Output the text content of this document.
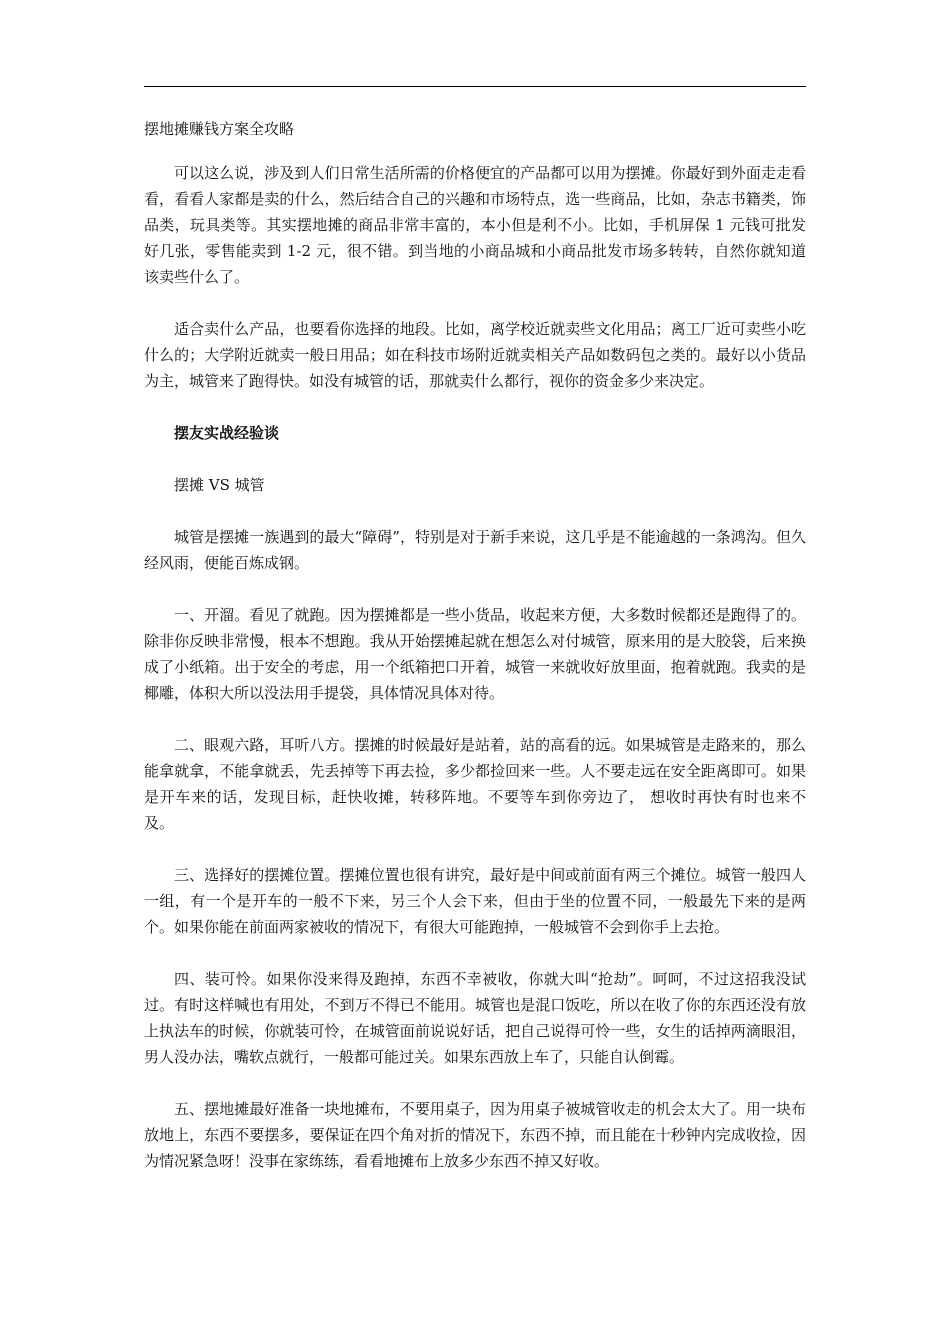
摆地摊赚钱方案全攻略

可以这么说，涉及到人们日常生活所需的价格便宜的产品都可以用为摆摊。你最好到外面走走看看，看看人家都是卖的什么，然后结合自己的兴趣和市场特点，选一些商品，比如，杂志书籍类，饰品类，玩具类等。其实摆地摊的商品非常丰富的，本小但是利不小。比如，手机屏保 1 元钱可批发好几张，零售能卖到 1-2 元，很不错。到当地的小商品城和小商品批发市场多转转，自然你就知道该卖些什么了。

适合卖什么产品，也要看你选择的地段。比如，离学校近就卖些文化用品；离工厂近可卖些小吃什么的；大学附近就卖一般日用品；如在科技市场附近就卖相关产品如数码包之类的。最好以小货品为主，城管来了跑得快。如没有城管的话，那就卖什么都行，视你的资金多少来决定。

摆友实战经验谈
摆摊 VS 城管

城管是摆摊一族遇到的最大“障碍”，特别是对于新手来说，这几乎是不能逾越的一条鸿沟。但久经风雨，便能百炼成钢。

一、开溜。看见了就跑。因为摆摊都是一些小货品，收起来方便，大多数时候都还是跑得了的。除非你反映非常慢，根本不想跑。我从开始摆摊起就在想怎么对付城管，原来用的是大胶袋，后来换成了小纸箱。出于安全的考虑，用一个纸箱把口开着，城管一来就收好放里面，抱着就跑。我卖的是椰雕，体积大所以没法用手提袋，具体情况具体对待。

二、眼观六路，耳听八方。摆摊的时候最好是站着，站的高看的远。如果城管是走路来的，那么能拿就拿，不能拿就丢，先丢掉等下再去捡，多少都捡回来一些。人不要走远在安全距离即可。如果是开车来的话，发现目标，赶快收摊，转移阵地。不要等车到你旁边了， 想收时再快有时也来不及。

三、选择好的摆摊位置。摆摊位置也很有讲究，最好是中间或前面有两三个摊位。城管一般四人一组，有一个是开车的一般不下来，另三个人会下来，但由于坐的位置不同，一般最先下来的是两个。如果你能在前面两家被收的情况下，有很大可能跑掉，一般城管不会到你手上去抢。

四、装可怜。如果你没来得及跑掉，东西不幸被收，你就大叫“抢劫”。呵呵，不过这招我没试过。有时这样喊也有用处，不到万不得已不能用。城管也是混口饭吃，所以在收了你的东西还没有放上执法车的时候，你就装可怜，在城管面前说说好话，把自己说得可怜一些，女生的话掉两滴眼泪，男人没办法，嘴软点就行，一般都可能过关。如果东西放上车了，只能自认倒霉。

五、摆地摊最好准备一块地摊布，不要用桌子，因为用桌子被城管收走的机会太大了。用一块布放地上，东西不要摆多，要保证在四个角对折的情况下，东西不掉，而且能在十秒钟内完成收捡，因为情况紧急呀！没事在家练练，看看地摊布上放多少东西不掉又好收。
